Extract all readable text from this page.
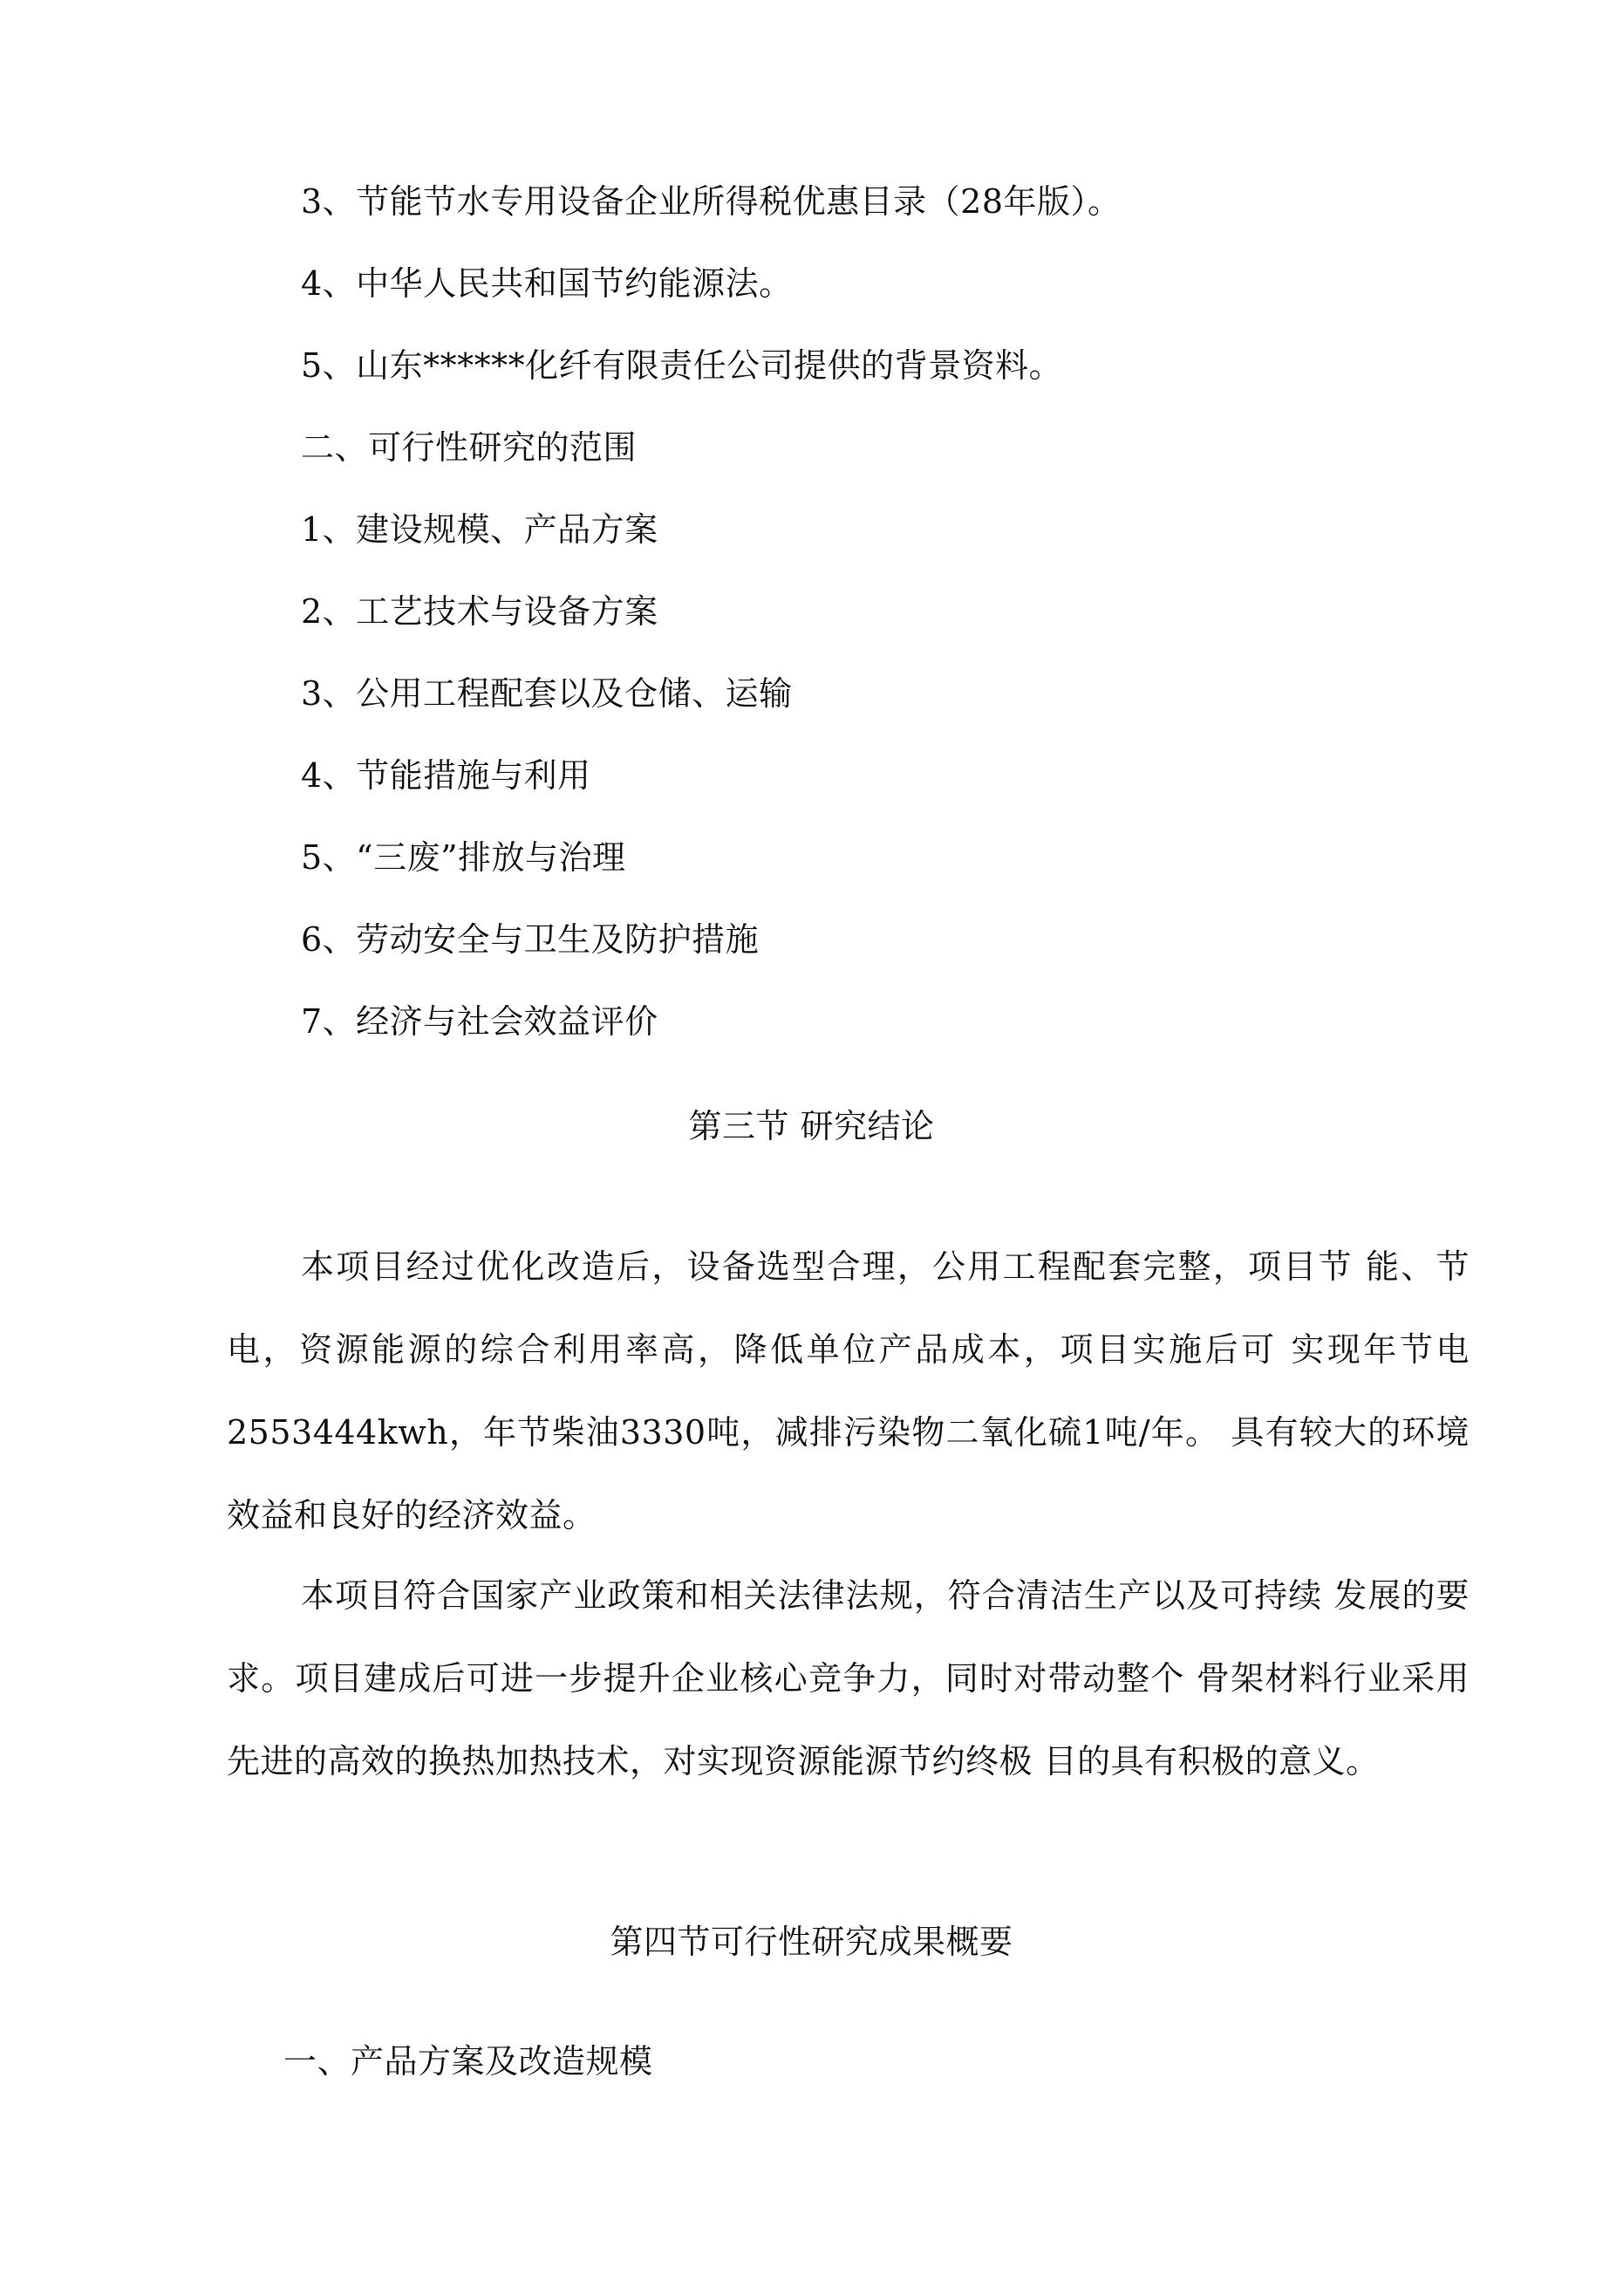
3、节能节水专用设备企业所得税优惠目录（28年版）。
4、中华人民共和国节约能源法。
5、山东******化纤有限责任公司提供的背景资料。
二、可行性研究的范围
1、建设规模、产品方案
2、工艺技术与设备方案
3、公用工程配套以及仓储、运输
4、节能措施与利用
5、“三废”排放与治理
6、劳动安全与卫生及防护措施
7、经济与社会效益评价
第三节 研究结论
本项目经过优化改造后，设备选型合理，公用工程配套完整，项目节 能、节电，资源能源的综合利用率高，降低单位产品成本，项目实施后可 实现年节电2553444kwh，年节柴油3330吨，减排污染物二氧化硫1吨/年。 具有较大的环境效益和良好的经济效益。
本项目符合国家产业政策和相关法律法规，符合清洁生产以及可持续 发展的要求。项目建成后可进一步提升企业核心竞争力，同时对带动整个 骨架材料行业采用先进的高效的换热加热技术，对实现资源能源节约终极 目的具有积极的意义。
第四节可行性研究成果概要
一、产品方案及改造规模
